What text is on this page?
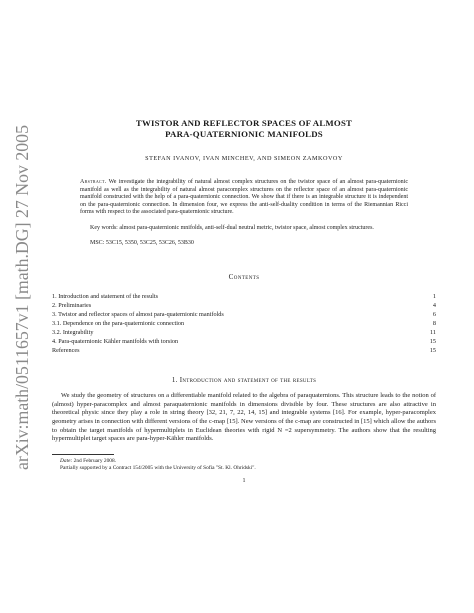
arXiv:math/0511657v1 [math.DG] 27 Nov 2005
TWISTOR AND REFLECTOR SPACES OF ALMOST
PARA-QUATERNIONIC MANIFOLDS
STEFAN IVANOV, IVAN MINCHEV, AND SIMEON ZAMKOVOY
Abstract. We investigate the integrability of natural almost complex structures on the twistor space of an almost para-quaternionic manifold as well as the integrability of natural almost paracomplex structures on the reflector space of an almost para-quaternionic manifold constructed with the help of a para-quaternionic connection. We show that if there is an integrable structure it is independent on the para-quaternionic connection. In dimension four, we express the anti-self-duality condition in terms of the Riemannian Ricci forms with respect to the associated para-quaternionic structure.
Key words: almost para-quaternionic mnifolds, anti-self-dual neutral metric, twistor space, almost complex structures.
MSC: 53C15, 5350, 53C25, 53C26, 53B30
Contents
1. Introduction and statement of the results	1
2. Preliminaries	4
3. Twistor and reflector spaces of almost para-quaternionic manifolds	6
3.1. Dependence on the para-quaternionic connection	8
3.2. Integrability	11
4. Para-quaternionic Kähler manifolds with torsion	15
References	15
1. Introduction and statement of the results

We study the geometry of structures on a differentiable manifold related to the algebra of paraquaternions. This structure leads to the notion of (almost) hyper-paracomplex and almost paraquaternionic manifolds in dimensions divisible by four. These structures are also attractive in theoretical physic since they play a role in string theory [32, 21, 7, 22, 14, 15] and integrable systems [16]. For example, hyper-paracomplex geometry arises in connection with different versions of the c-map [15]. New versions of the c-map are constructed in [15] which allow the authors to obtain the target manifolds of hypermultiplets in Euclidean theories with rigid N =2 supersymmetry. The authors show that the resulting hypermultiplet target spaces are para-hyper-Kähler manifolds.

Date: 2nd February 2008.

Partially supported by a Contract 154/2005 with the University of Sofia "St. Kl. Ohridski".

1
